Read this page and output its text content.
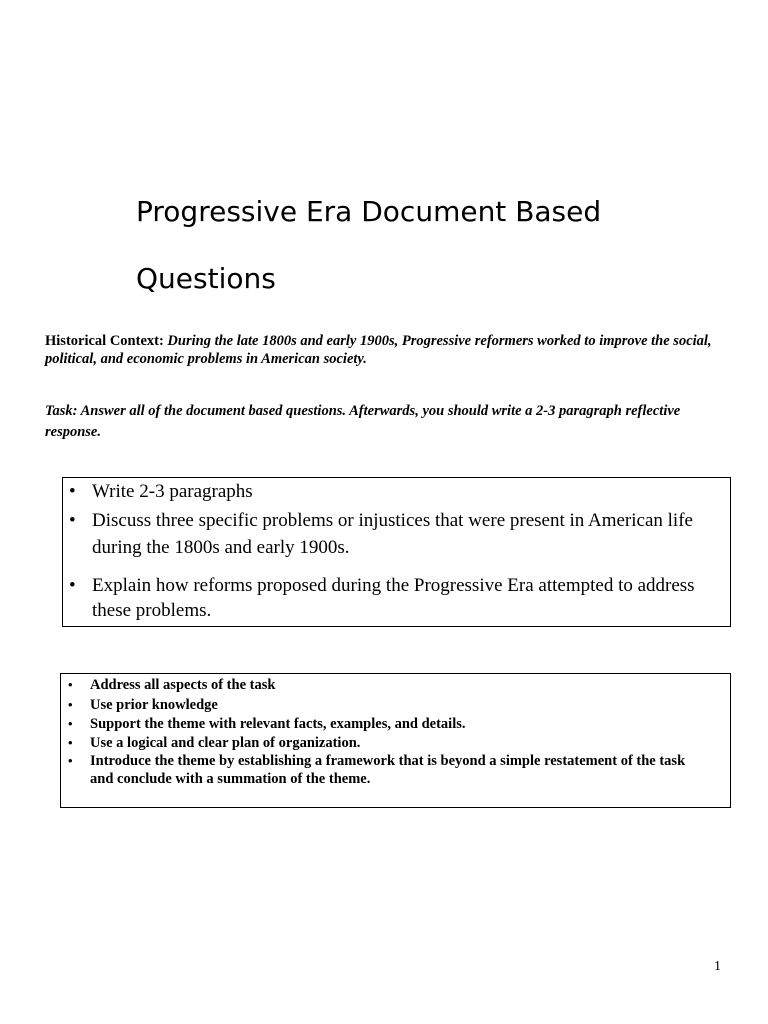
Progressive Era Document Based
Questions

Historical Context: During the late 1800s and early 1900s, Progressive reformers worked to improve the social, political, and economic problems in American society.

Task: Answer all of the document based questions. Afterwards, you should write a 2-3 paragraph reflective response.

• Write 2-3 paragraphs
• Discuss three specific problems or injustices that were present in American life during the 1800s and early 1900s.
• Explain how reforms proposed during the Progressive Era attempted to address these problems.
• Address all aspects of the task
• Use prior knowledge
• Support the theme with relevant facts, examples, and details.
• Use a logical and clear plan of organization.
• Introduce the theme by establishing a framework that is beyond a simple restatement of the task and conclude with a summation of the theme.
1
